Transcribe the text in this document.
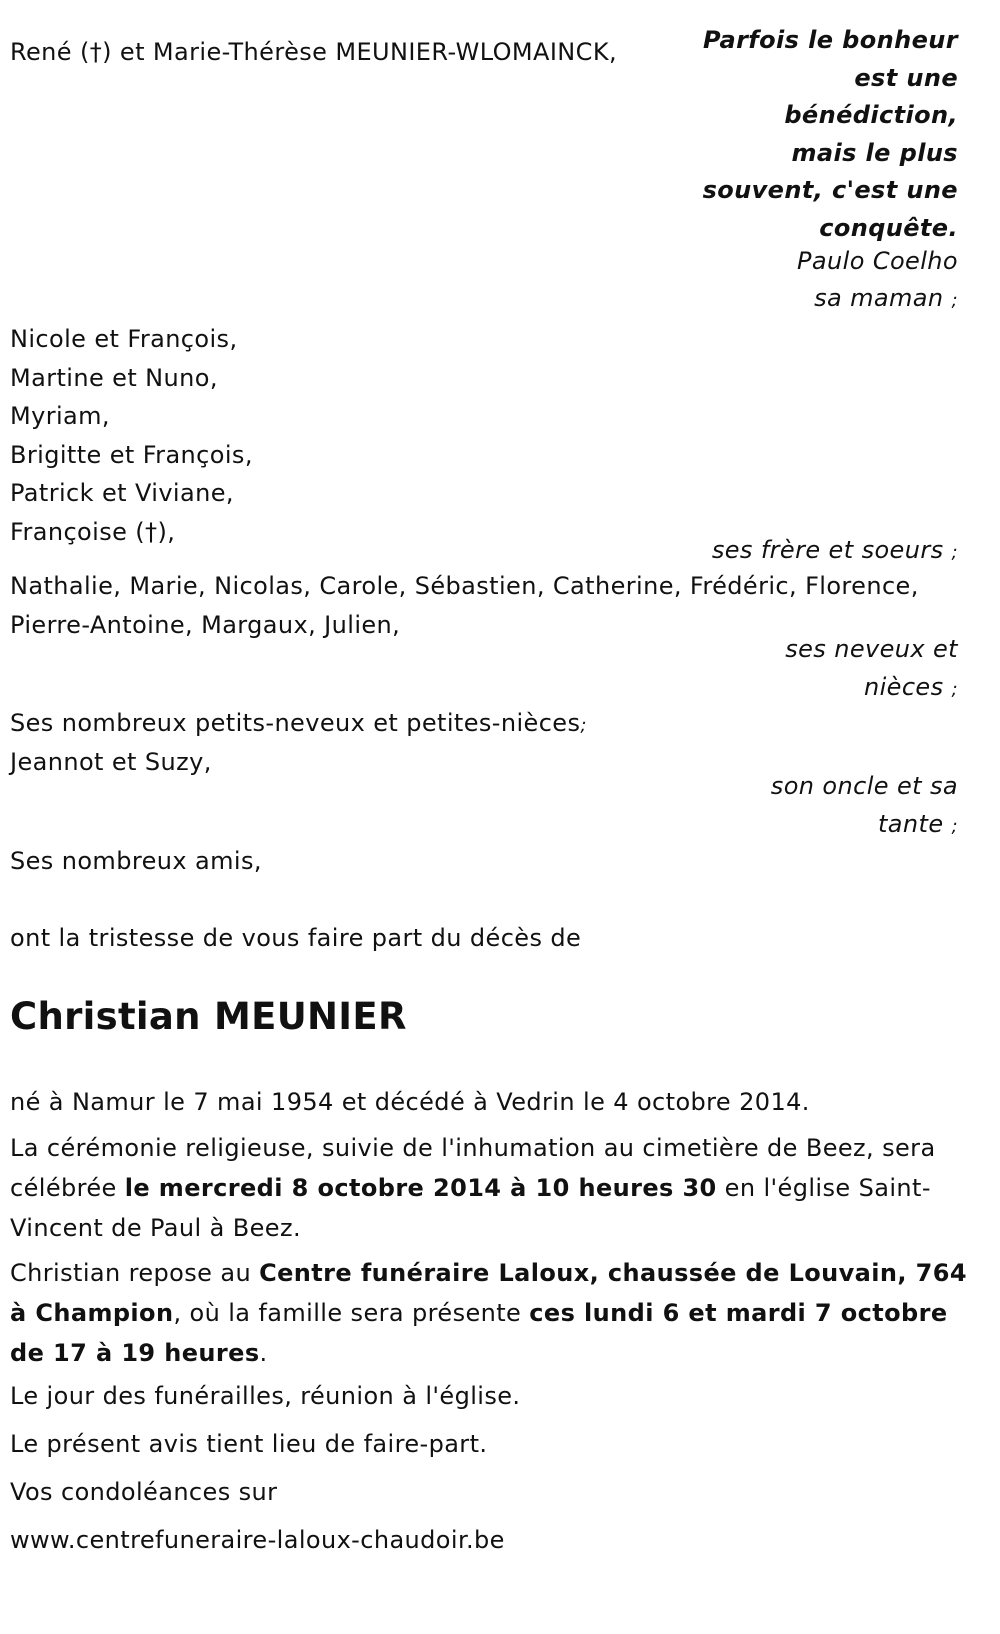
René (†) et Marie-Thérèse MEUNIER-WLOMAINCK,	Parfois le bonheur
est une
bénédiction,
mais le plus
souvent, c'est une
conquête.
Paulo Coelho
sa maman ;
Nicole et François,
Martine et Nuno,
Myriam,
Brigitte et François,
Patrick et Viviane,
Françoise (†),
ses frère et soeurs ;
Nathalie, Marie, Nicolas, Carole, Sébastien, Catherine, Frédéric, Florence,
Pierre-Antoine, Margaux, Julien,
ses neveux et
nièces ;
Ses nombreux petits-neveux et petites-nièces;
Jeannot et Suzy,
son oncle et sa
tante ;
Ses nombreux amis,
ont la tristesse de vous faire part du décès de
Christian MEUNIER
né à Namur le 7 mai 1954 et décédé à Vedrin le 4 octobre 2014.
La cérémonie religieuse, suivie de l'inhumation au cimetière de Beez, sera célébrée le mercredi 8 octobre 2014 à 10 heures 30 en l'église Saint-Vincent de Paul à Beez.
Christian repose au Centre funéraire Laloux, chaussée de Louvain, 764 à Champion, où la famille sera présente ces lundi 6 et mardi 7 octobre de 17 à 19 heures.
Le jour des funérailles, réunion à l'église.
Le présent avis tient lieu de faire-part.
Vos condoléances sur
www.centrefuneraire-laloux-chaudoir.be
